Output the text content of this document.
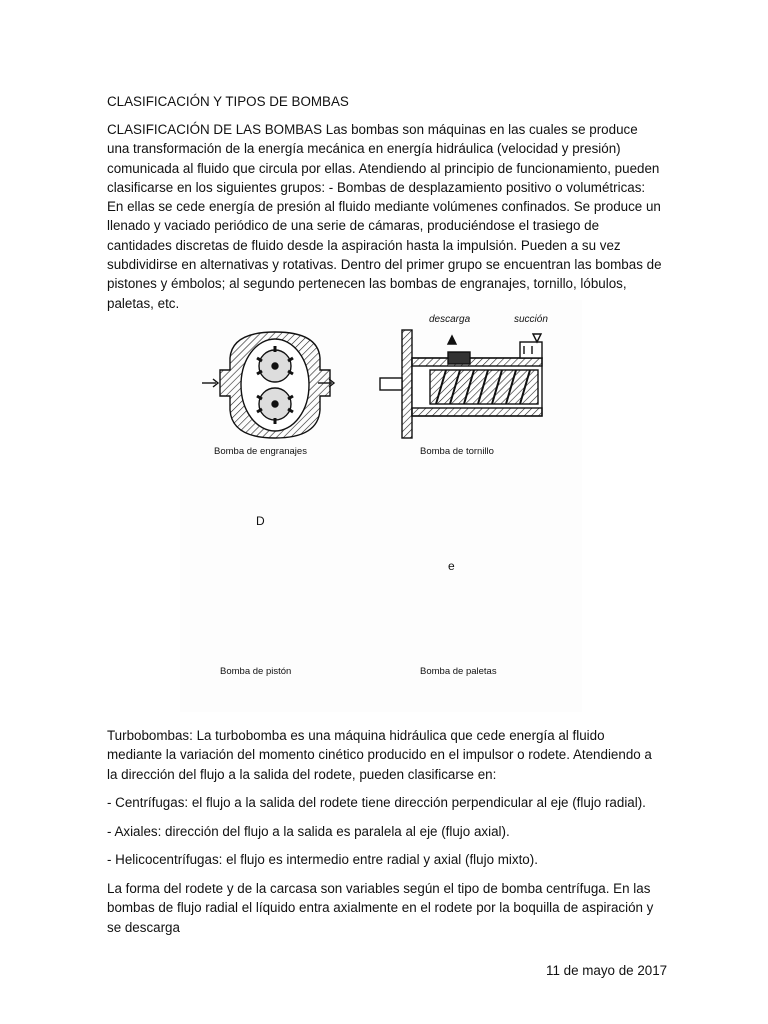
CLASIFICACIÓN Y TIPOS DE BOMBAS
CLASIFICACIÓN DE LAS BOMBAS Las bombas son máquinas en las cuales se produce una transformación de la energía mecánica en energía hidráulica (velocidad y presión) comunicada al fluido que circula por ellas. Atendiendo al principio de funcionamiento, pueden clasificarse en los siguientes grupos: - Bombas de desplazamiento positivo o volumétricas: En ellas se cede energía de presión al fluido mediante volúmenes confinados. Se produce un llenado y vaciado periódico de una serie de cámaras, produciéndose el trasiego de cantidades discretas de fluido desde la aspiración hasta la impulsión. Pueden a su vez subdividirse en alternativas y rotativas. Dentro del primer grupo se encuentran las bombas de pistones y émbolos; al segundo pertenecen las bombas de engranajes, tornillo, lóbulos, paletas, etc.
descarga	succión
D
e
Bomba de engranajes	Bomba de tornillo
Bomba de pistón	Bomba de paletas
Turbobombas: La turbobomba es una máquina hidráulica que cede energía al fluido mediante la variación del momento cinético producido en el impulsor o rodete. Atendiendo a la dirección del flujo a la salida del rodete, pueden clasificarse en:
- Centrífugas: el flujo a la salida del rodete tiene dirección perpendicular al eje (flujo radial).
- Axiales: dirección del flujo a la salida es paralela al eje (flujo axial).
- Helicocentrífugas: el flujo es intermedio entre radial y axial (flujo mixto).
La forma del rodete y de la carcasa son variables según el tipo de bomba centrífuga. En las bombas de flujo radial el líquido entra axialmente en el rodete por la boquilla de aspiración y se descarga
11 de mayo de 2017
